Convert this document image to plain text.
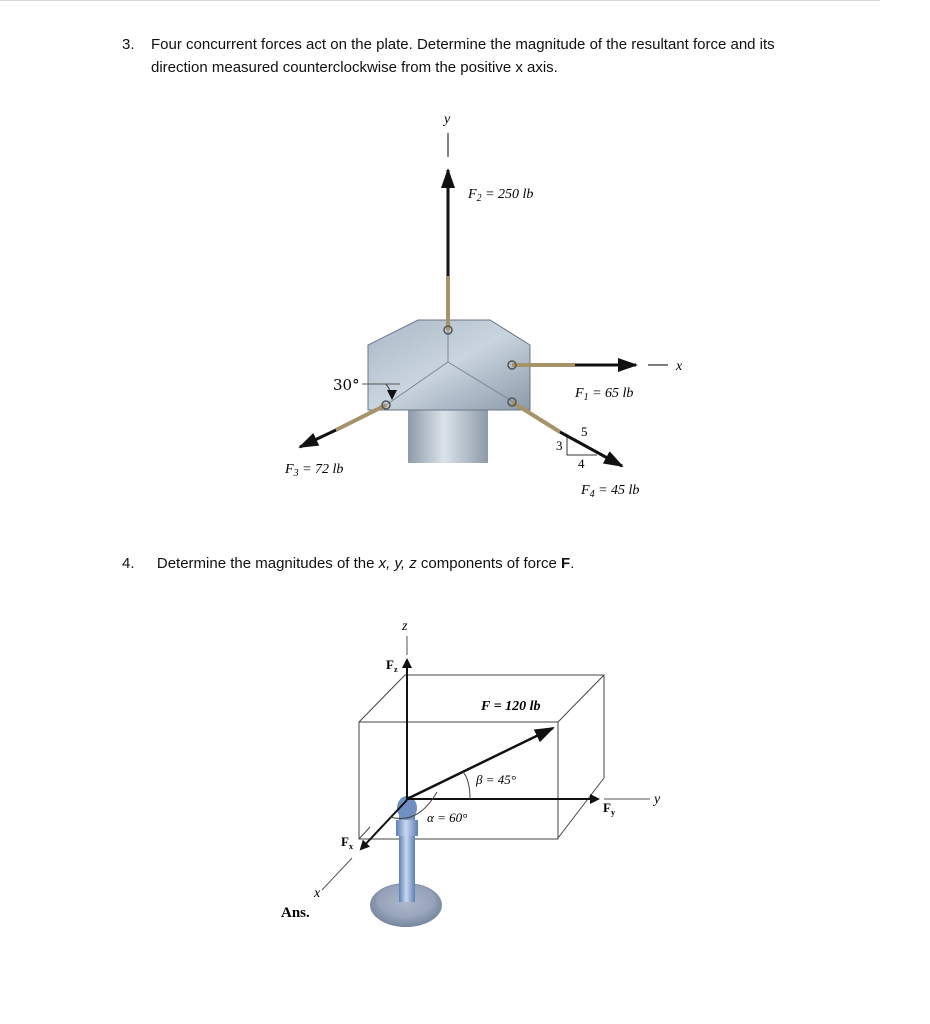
3. Four concurrent forces act on the plate. Determine the magnitude of the resultant force and its
direction measured counterclockwise from the positive x axis.
4. Determine the magnitudes of the x, y, z components of force F.
y
x
3
4
5
30°
$F_2 = 250$ lb
$F_1 = 65$ lb
$F_3 = 72$ lb
$F_4 = 45$ lb
z
$F_z$
x
$F_x$
y
$F_y$
F = 120 lb
β = 45°
α = 60°
Ans.
